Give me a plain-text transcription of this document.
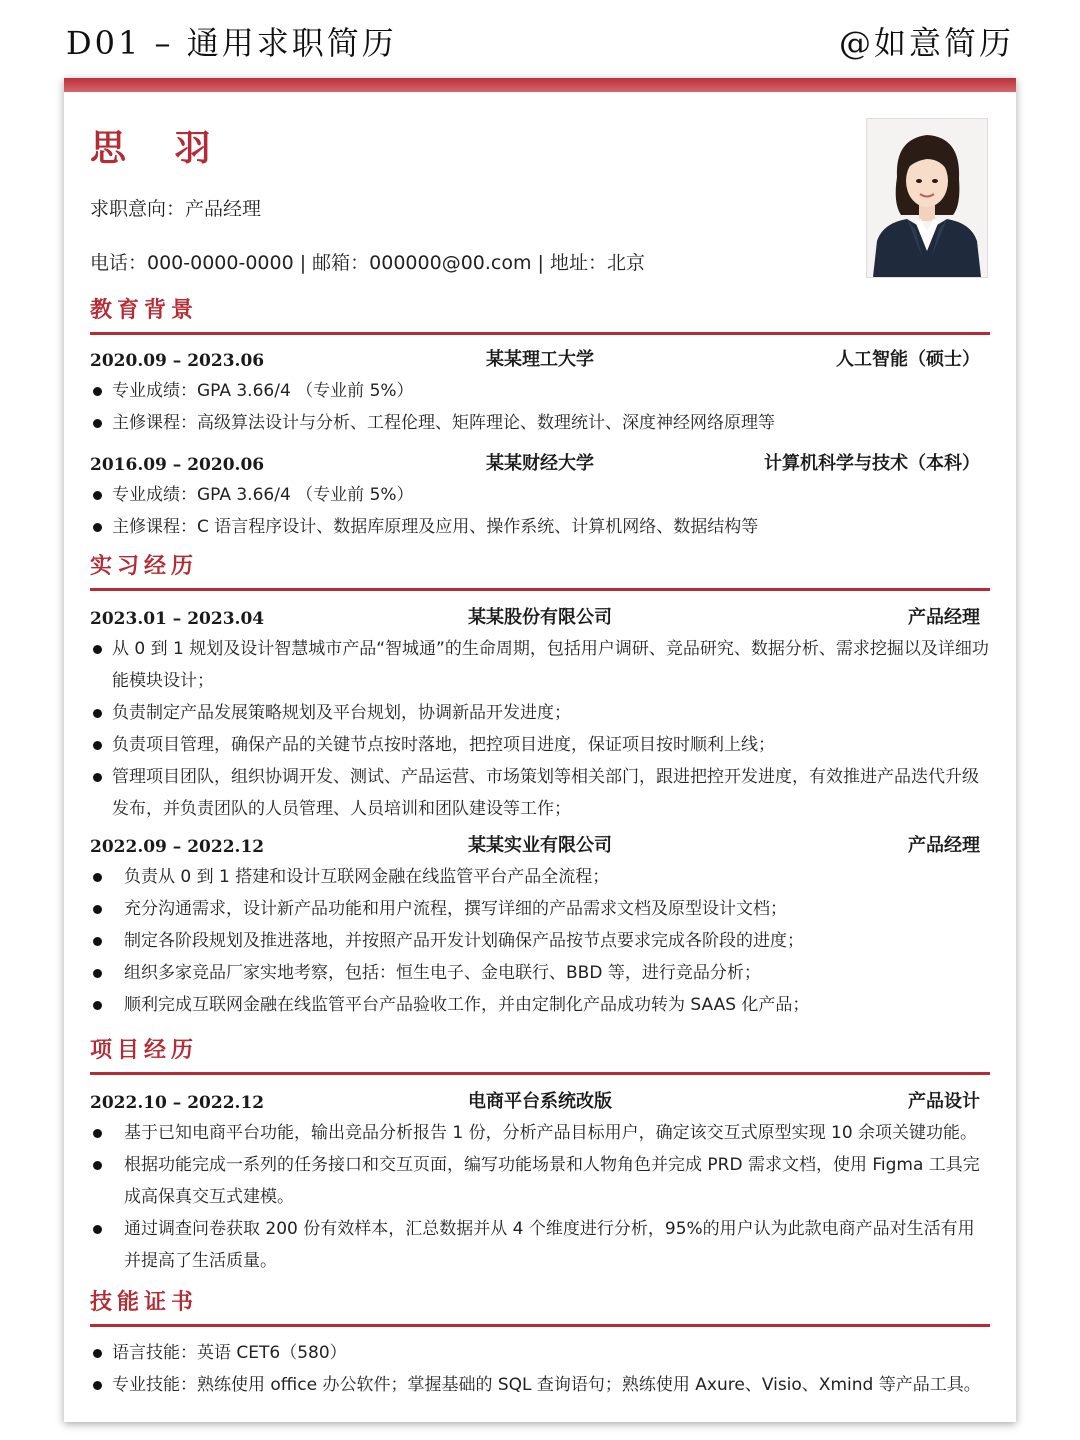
D01 – 通用求职简历	@如意简历
思 羽
求职意向：产品经理
电话：000-0000-0000 | 邮箱：000000@00.com | 地址：北京
教育背景
2020.09 – 2023.06	某某理工大学	人工智能（硕士）
专业成绩：GPA 3.66/4 （专业前 5%）
主修课程：高级算法设计与分析、工程伦理、矩阵理论、数理统计、深度神经网络原理等
2016.09 – 2020.06	某某财经大学	计算机科学与技术（本科）
专业成绩：GPA 3.66/4 （专业前 5%）
主修课程：C 语言程序设计、数据库原理及应用、操作系统、计算机网络、数据结构等
实习经历
2023.01 – 2023.04	某某股份有限公司	产品经理
从 0 到 1 规划及设计智慧城市产品“智城通”的生命周期，包括用户调研、竞品研究、数据分析、需求挖掘以及详细功能模块设计；
负责制定产品发展策略规划及平台规划，协调新品开发进度；
负责项目管理，确保产品的关键节点按时落地，把控项目进度，保证项目按时顺利上线；
管理项目团队，组织协调开发、测试、产品运营、市场策划等相关部门，跟进把控开发进度，有效推进产品迭代升级发布，并负责团队的人员管理、人员培训和团队建设等工作；
2022.09 – 2022.12	某某实业有限公司	产品经理
负责从 0 到 1 搭建和设计互联网金融在线监管平台产品全流程；
充分沟通需求，设计新产品功能和用户流程，撰写详细的产品需求文档及原型设计文档；
制定各阶段规划及推进落地，并按照产品开发计划确保产品按节点要求完成各阶段的进度；
组织多家竞品厂家实地考察，包括：恒生电子、金电联行、BBD 等，进行竞品分析；
顺利完成互联网金融在线监管平台产品验收工作，并由定制化产品成功转为 SAAS 化产品；
项目经历
2022.10 – 2022.12	电商平台系统改版	产品设计
基于已知电商平台功能，输出竞品分析报告 1 份，分析产品目标用户，确定该交互式原型实现 10 余项关键功能。
根据功能完成一系列的任务接口和交互页面，编写功能场景和人物角色并完成 PRD 需求文档，使用 Figma 工具完成高保真交互式建模。
通过调查问卷获取 200 份有效样本，汇总数据并从 4 个维度进行分析，95%的用户认为此款电商产品对生活有用并提高了生活质量。
技能证书
语言技能：英语 CET6（580）
专业技能：熟练使用 office 办公软件；掌握基础的 SQL 查询语句；熟练使用 Axure、Visio、Xmind 等产品工具。
